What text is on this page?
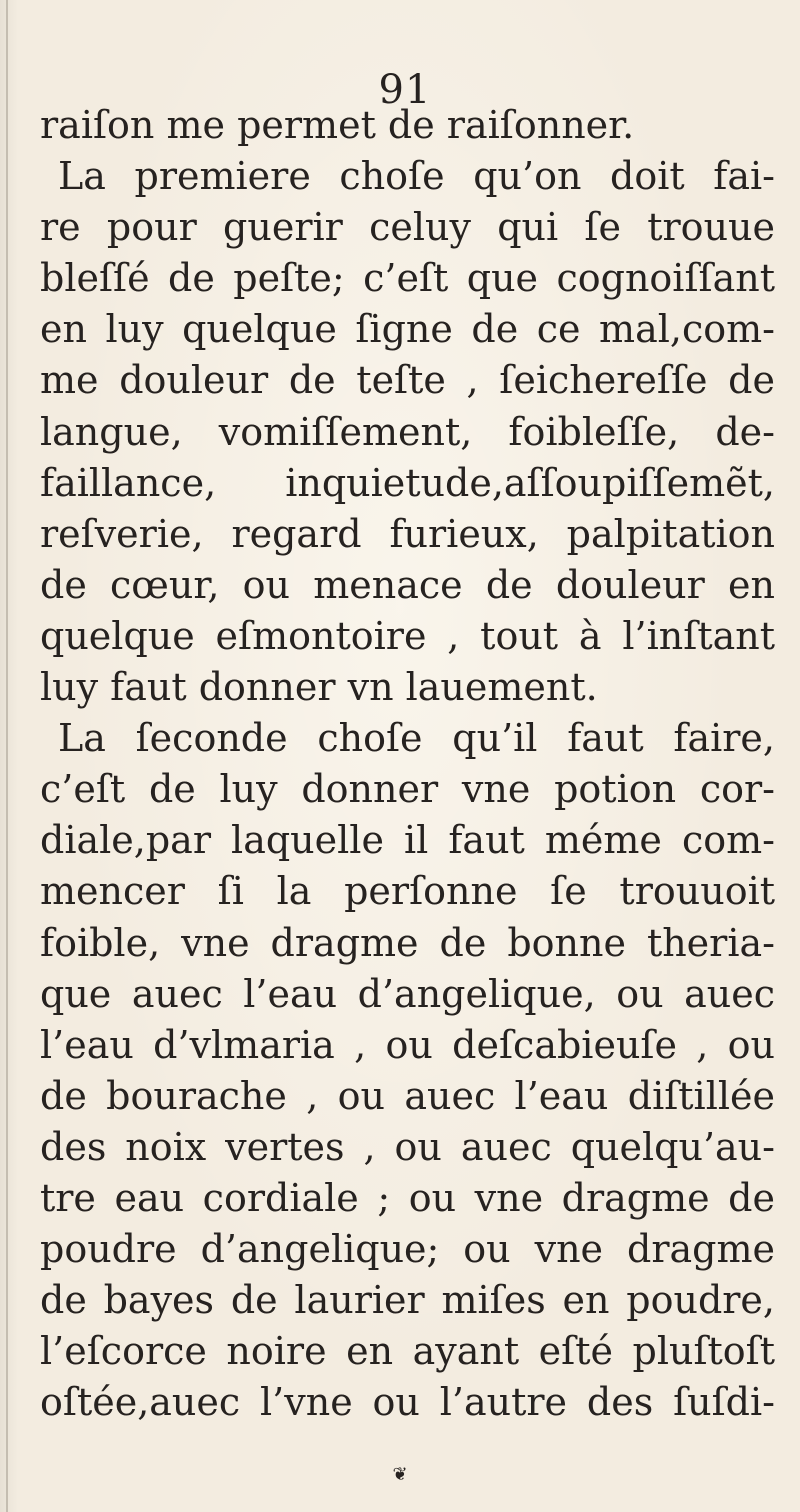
91
raiſon me permet de raiſonner.
La premiere choſe qu’on doit fai-
re pour guerir celuy qui ſe trouue
bleſſé de peſte; c’eſt que cognoiſſant
en luy quelque ſigne de ce mal,com-
me douleur de teſte , ſeichereſſe de
langue, vomiſſement, foibleſſe, de-
faillance, inquietude,aſſoupiſſemẽt,
reſverie, regard furieux, palpitation
de cœur, ou menace de douleur en
quelque eſmontoire , tout à l’inſtant
luy faut donner vn lauement.
La ſeconde choſe qu’il faut faire,
c’eſt de luy donner vne potion cor-
diale,par laquelle il faut méme com-
mencer ſi la perſonne ſe trouuoit
foible, vne dragme de bonne theria-
que auec l’eau d’angelique, ou auec
l’eau d’vlmaria , ou deſcabieuſe , ou
de bourache , ou auec l’eau diſtillée
des noix vertes , ou auec quelqu’au-
tre eau cordiale ; ou vne dragme de
poudre d’angelique; ou vne dragme
de bayes de laurier miſes en poudre,
l’eſcorce noire en ayant eſté pluſtoſt
oſtée,auec l’vne ou l’autre des ſuſdi-
❦
